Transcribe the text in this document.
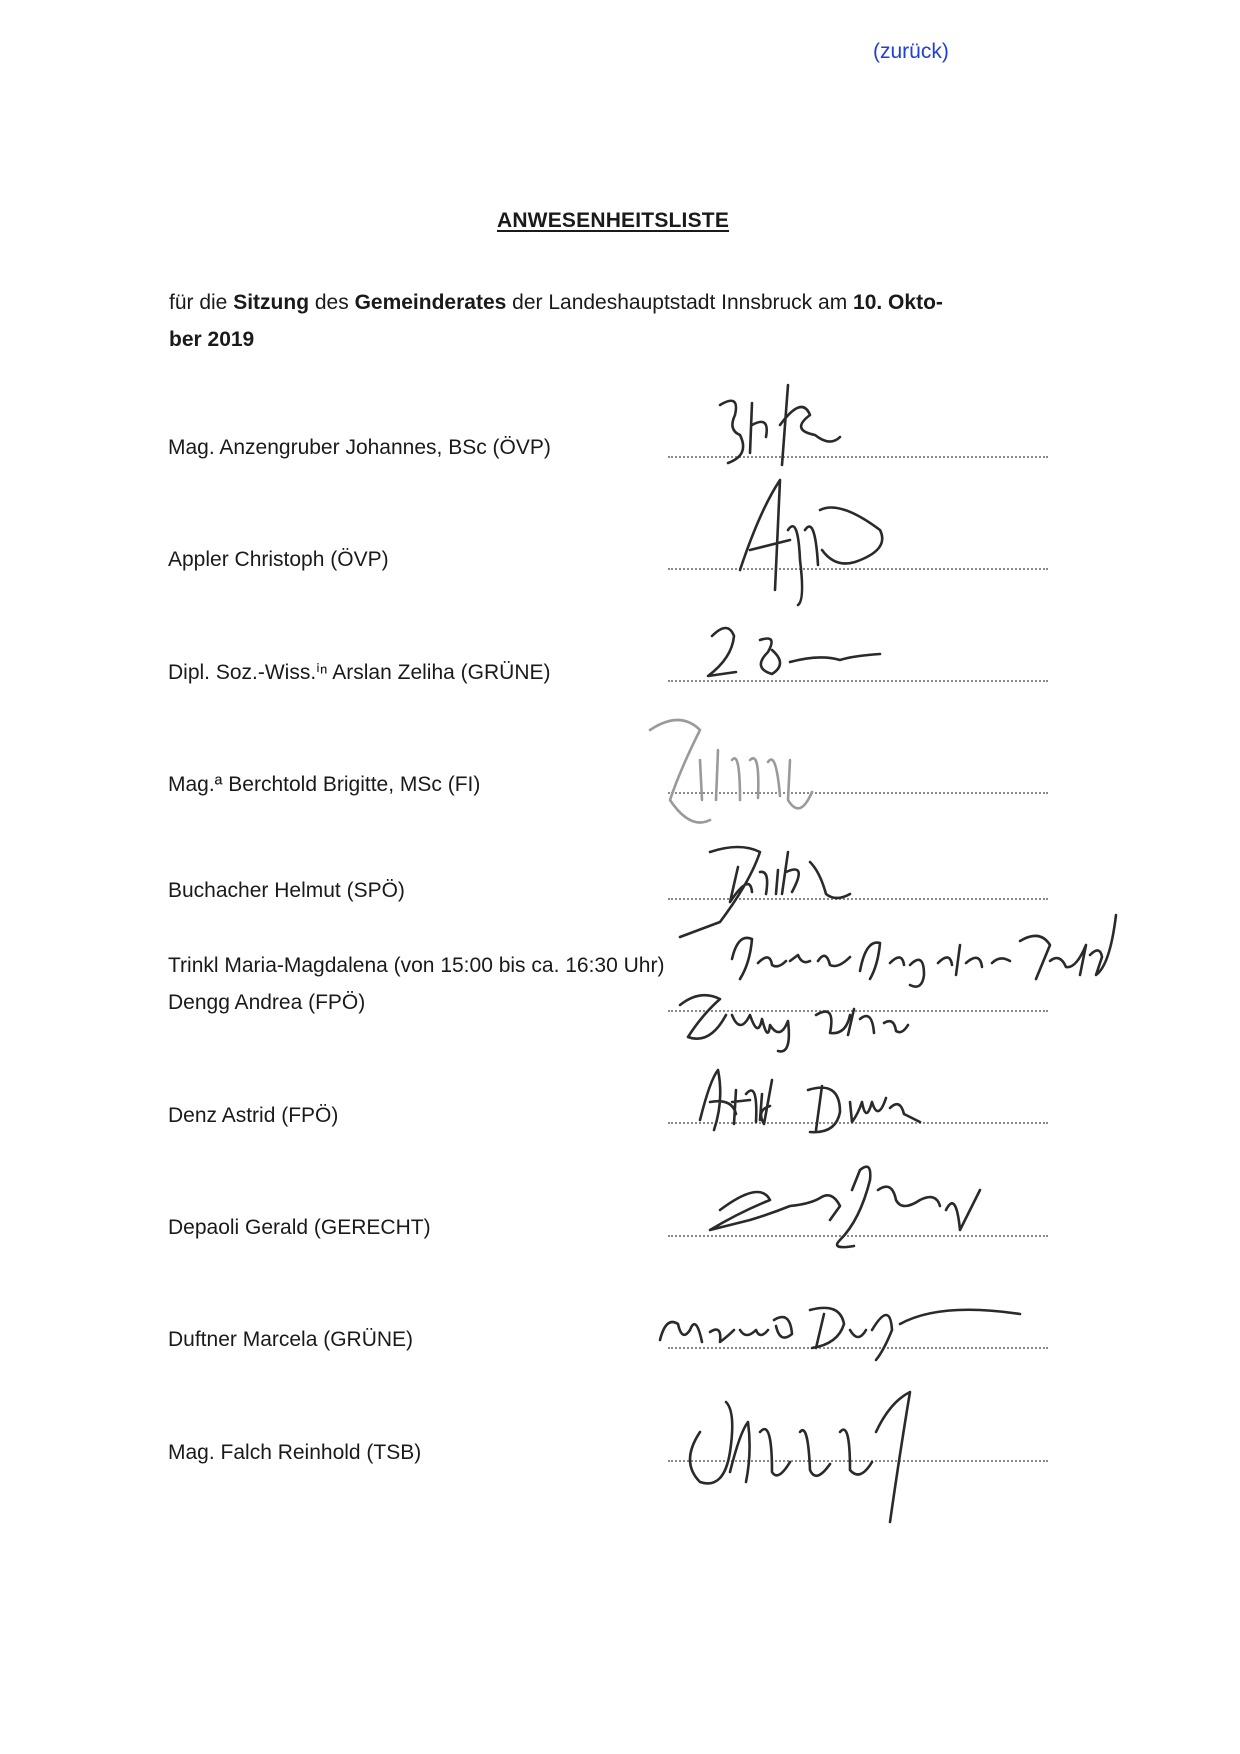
(zurück)
ANWESENHEITSLISTE
für die Sitzung des Gemeinderates der Landeshauptstadt Innsbruck am 10. Okto-
ber 2019
Mag. Anzengruber Johannes, BSc (ÖVP)
Appler Christoph (ÖVP)
Dipl. Soz.-Wiss.ⁱⁿ Arslan Zeliha (GRÜNE)
Mag.ª Berchtold Brigitte, MSc (FI)
Buchacher Helmut (SPÖ)
Trinkl Maria-Magdalena (von 15:00 bis ca. 16:30 Uhr)
Dengg Andrea (FPÖ)
Denz Astrid (FPÖ)
Depaoli Gerald (GERECHT)
Duftner Marcela (GRÜNE)
Mag. Falch Reinhold (TSB)
